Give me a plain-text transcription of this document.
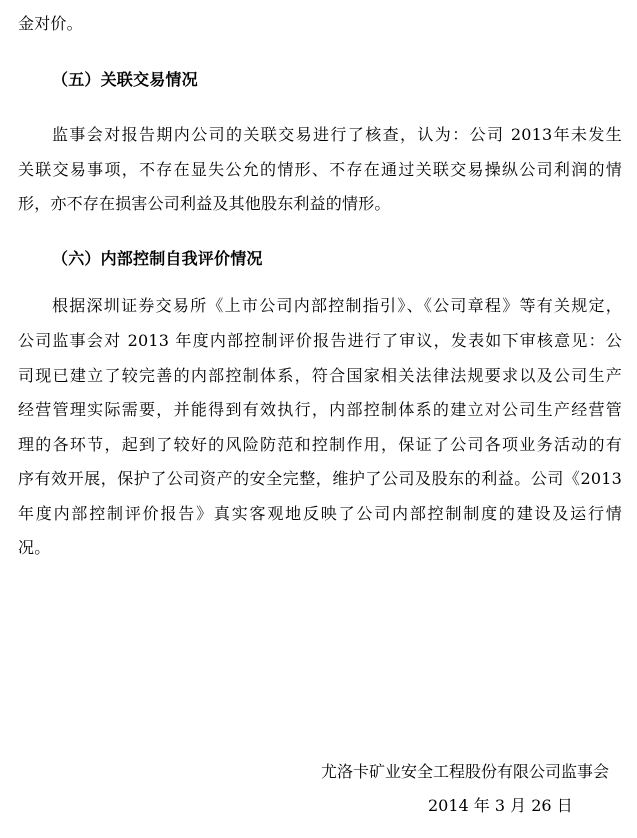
金对价。
（五）关联交易情况
监事会对报告期内公司的关联交易进行了核查，认为：公司 2013年未发生
关联交易事项，不存在显失公允的情形、不存在通过关联交易操纵公司利润的情
形，亦不存在损害公司利益及其他股东利益的情形。
（六）内部控制自我评价情况
根据深圳证券交易所《上市公司内部控制指引》、《公司章程》等有关规定，
公司监事会对 2013 年度内部控制评价报告进行了审议，发表如下审核意见：公
司现已建立了较完善的内部控制体系，符合国家相关法律法规要求以及公司生产
经营管理实际需要，并能得到有效执行，内部控制体系的建立对公司生产经营管
理的各环节，起到了较好的风险防范和控制作用，保证了公司各项业务活动的有
序有效开展，保护了公司资产的安全完整，维护了公司及股东的利益。公司《2013
年度内部控制评价报告》真实客观地反映了公司内部控制制度的建设及运行情
况。
尤洛卡矿业安全工程股份有限公司监事会
2014 年 3 月 26 日
